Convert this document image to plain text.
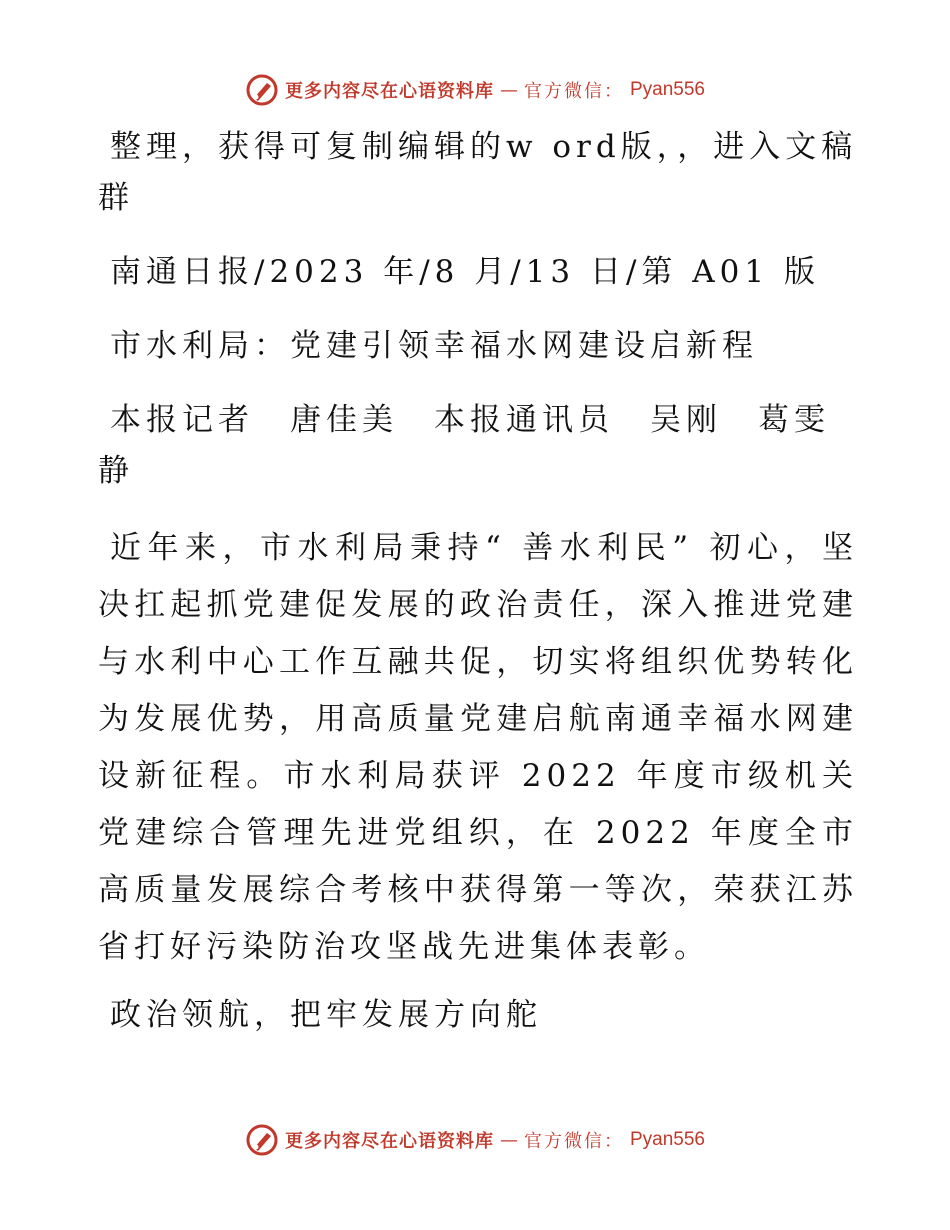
更多内容尽在心语资料库 — 官方微信： Pyan556

整理，获得可复制编辑的w ord版，，进入文稿群

南通日报/2023 年/8 月/13 日/第 A01 版

市水利局：党建引领幸福水网建设启新程

本报记者　唐佳美　本报通讯员　吴刚　葛雯静

近年来，市水利局秉持“ 善水利民” 初心，坚决扛起抓党建促发展的政治责任，深入推进党建与水利中心工作互融共促，切实将组织优势转化为发展优势，用高质量党建启航南通幸福水网建设新征程。市水利局获评 2022 年度市级机关党建综合管理先进党组织，在 2022 年度全市高质量发展综合考核中获得第一等次，荣获江苏省打好污染防治攻坚战先进集体表彰。

政治领航，把牢发展方向舵

更多内容尽在心语资料库 — 官方微信： Pyan556
